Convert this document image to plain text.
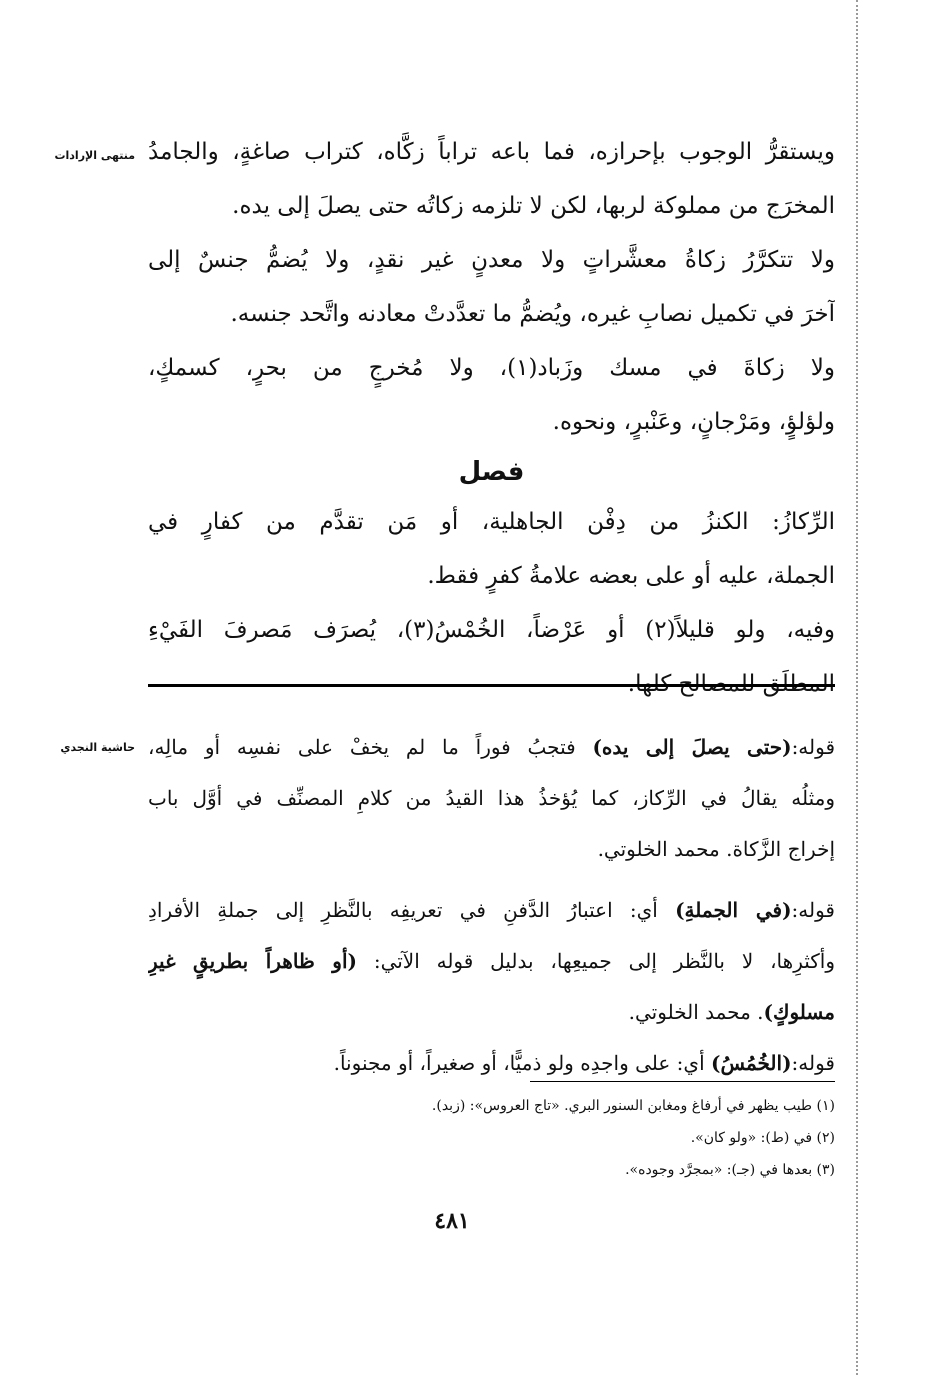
منتهى الإرادات
حاشية النجدي
ويستقرُّ الوجوب بإحرازه، فما باعه تراباً زكَّاه، كتراب صاغةٍ، والجامدُ
المخرَج من مملوكة لربها، لكن لا تلزمه زكاتُه حتى يصلَ إلى يده.
ولا تتكرَّرُ زكاةُ معشَّراتٍ ولا معدنٍ غير نقدٍ، ولا يُضمُّ جنسٌ إلى
آخرَ في تكميل نصابِ غيره، ويُضمُّ ما تعدَّدتْ معادنه واتَّحد جنسه.
ولا زكاةَ في مسك وزَباد(١)، ولا مُخرجٍ من بحرٍ، كسمكٍ،
ولؤلؤٍ، ومَرْجانٍ، وعَنْبرٍ، ونحوه.
فصل
الرِّكازُ: الكنزُ من دِفْن الجاهلية، أو مَن تقدَّم من كفارٍ في
الجملة، عليه أو على بعضه علامةُ كفرٍ فقط.
وفيه، ولو قليلاً(٢) أو عَرْضاً، الخُمْسُ(٣)، يُصرَف مَصرفَ الفَيْءِ
المطلَق للمصالح كلها.
قوله:(حتى يصلَ إلى يده) فتجبُ فوراً ما لم يخفْ على نفسِه أو مالِه،
ومثلُه يقالُ في الرِّكاز، كما يُؤخذُ هذا القيدُ من كلامِ المصنِّف في أوَّل باب
إخراج الزَّكاة. محمد الخلوتي.
قوله:(في الجملةِ) أي: اعتبارُ الدَّفنِ في تعريفِه بالنَّظرِ إلى جملةِ الأفرادِ
وأكثرِها، لا بالنَّظر إلى جميعِها، بدليل قوله الآتي: (أو ظاهراً بطريقٍ غيرِ
مسلوكٍ). محمد الخلوتي.
قوله:(الخُمُسُ) أي: على واجدِه ولو ذميًّا، أو صغيراً، أو مجنوناً.
(١) طيب يظهر في أرفاغ ومغابن السنور البري. «تاج العروس»: (زبد).
(٢) في (ط): «ولو كان».
(٣) بعدها في (جـ): «بمجرَّد وجوده».
٤٨١
